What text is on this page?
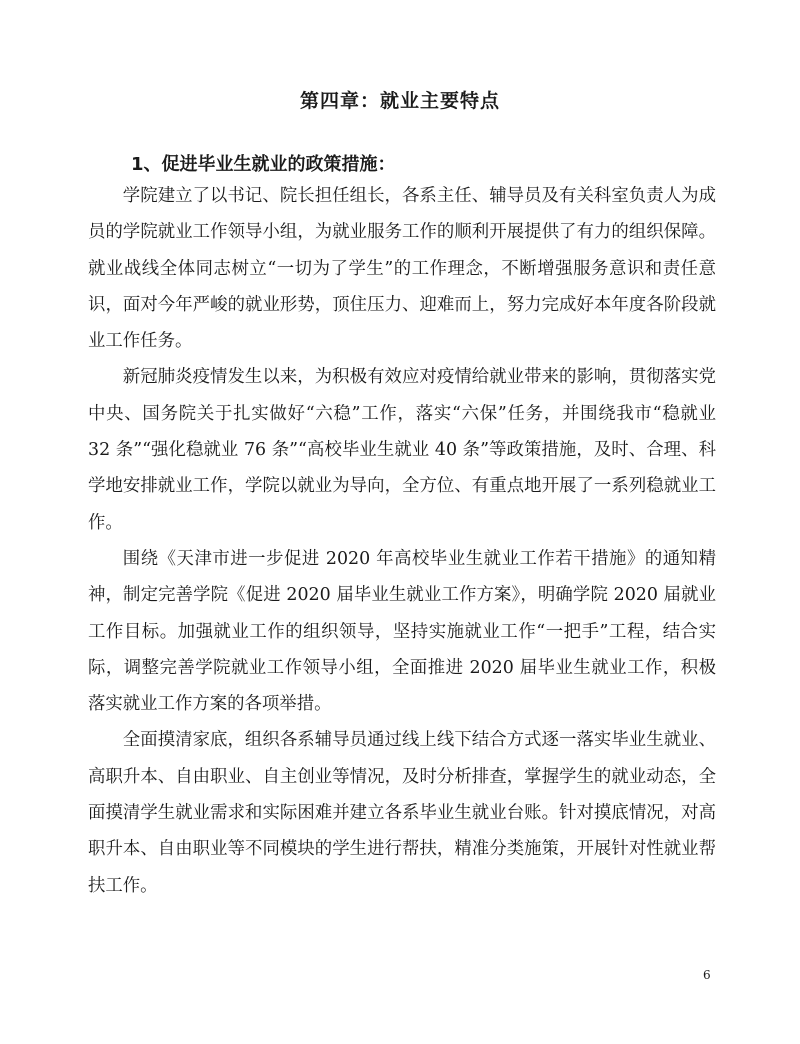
第四章：就业主要特点
1、促进毕业生就业的政策措施：

学院建立了以书记、院长担任组长，各系主任、辅导员及有关科室负责人为成员的学院就业工作领导小组，为就业服务工作的顺利开展提供了有力的组织保障。就业战线全体同志树立“一切为了学生”的工作理念，不断增强服务意识和责任意识，面对今年严峻的就业形势，顶住压力、迎难而上，努力完成好本年度各阶段就业工作任务。

新冠肺炎疫情发生以来，为积极有效应对疫情给就业带来的影响，贯彻落实党中央、国务院关于扎实做好“六稳”工作，落实“六保”任务，并围绕我市“稳就业 32 条”“强化稳就业 76 条”“高校毕业生就业 40 条”等政策措施，及时、合理、科学地安排就业工作，学院以就业为导向，全方位、有重点地开展了一系列稳就业工作。

围绕《天津市进一步促进 2020 年高校毕业生就业工作若干措施》的通知精神，制定完善学院《促进 2020 届毕业生就业工作方案》，明确学院 2020 届就业工作目标。加强就业工作的组织领导，坚持实施就业工作“一把手”工程，结合实际，调整完善学院就业工作领导小组，全面推进 2020 届毕业生就业工作，积极落实就业工作方案的各项举措。

全面摸清家底，组织各系辅导员通过线上线下结合方式逐一落实毕业生就业、高职升本、自由职业、自主创业等情况，及时分析排查，掌握学生的就业动态，全面摸清学生就业需求和实际困难并建立各系毕业生就业台账。针对摸底情况，对高职升本、自由职业等不同模块的学生进行帮扶，精准分类施策，开展针对性就业帮扶工作。

6
